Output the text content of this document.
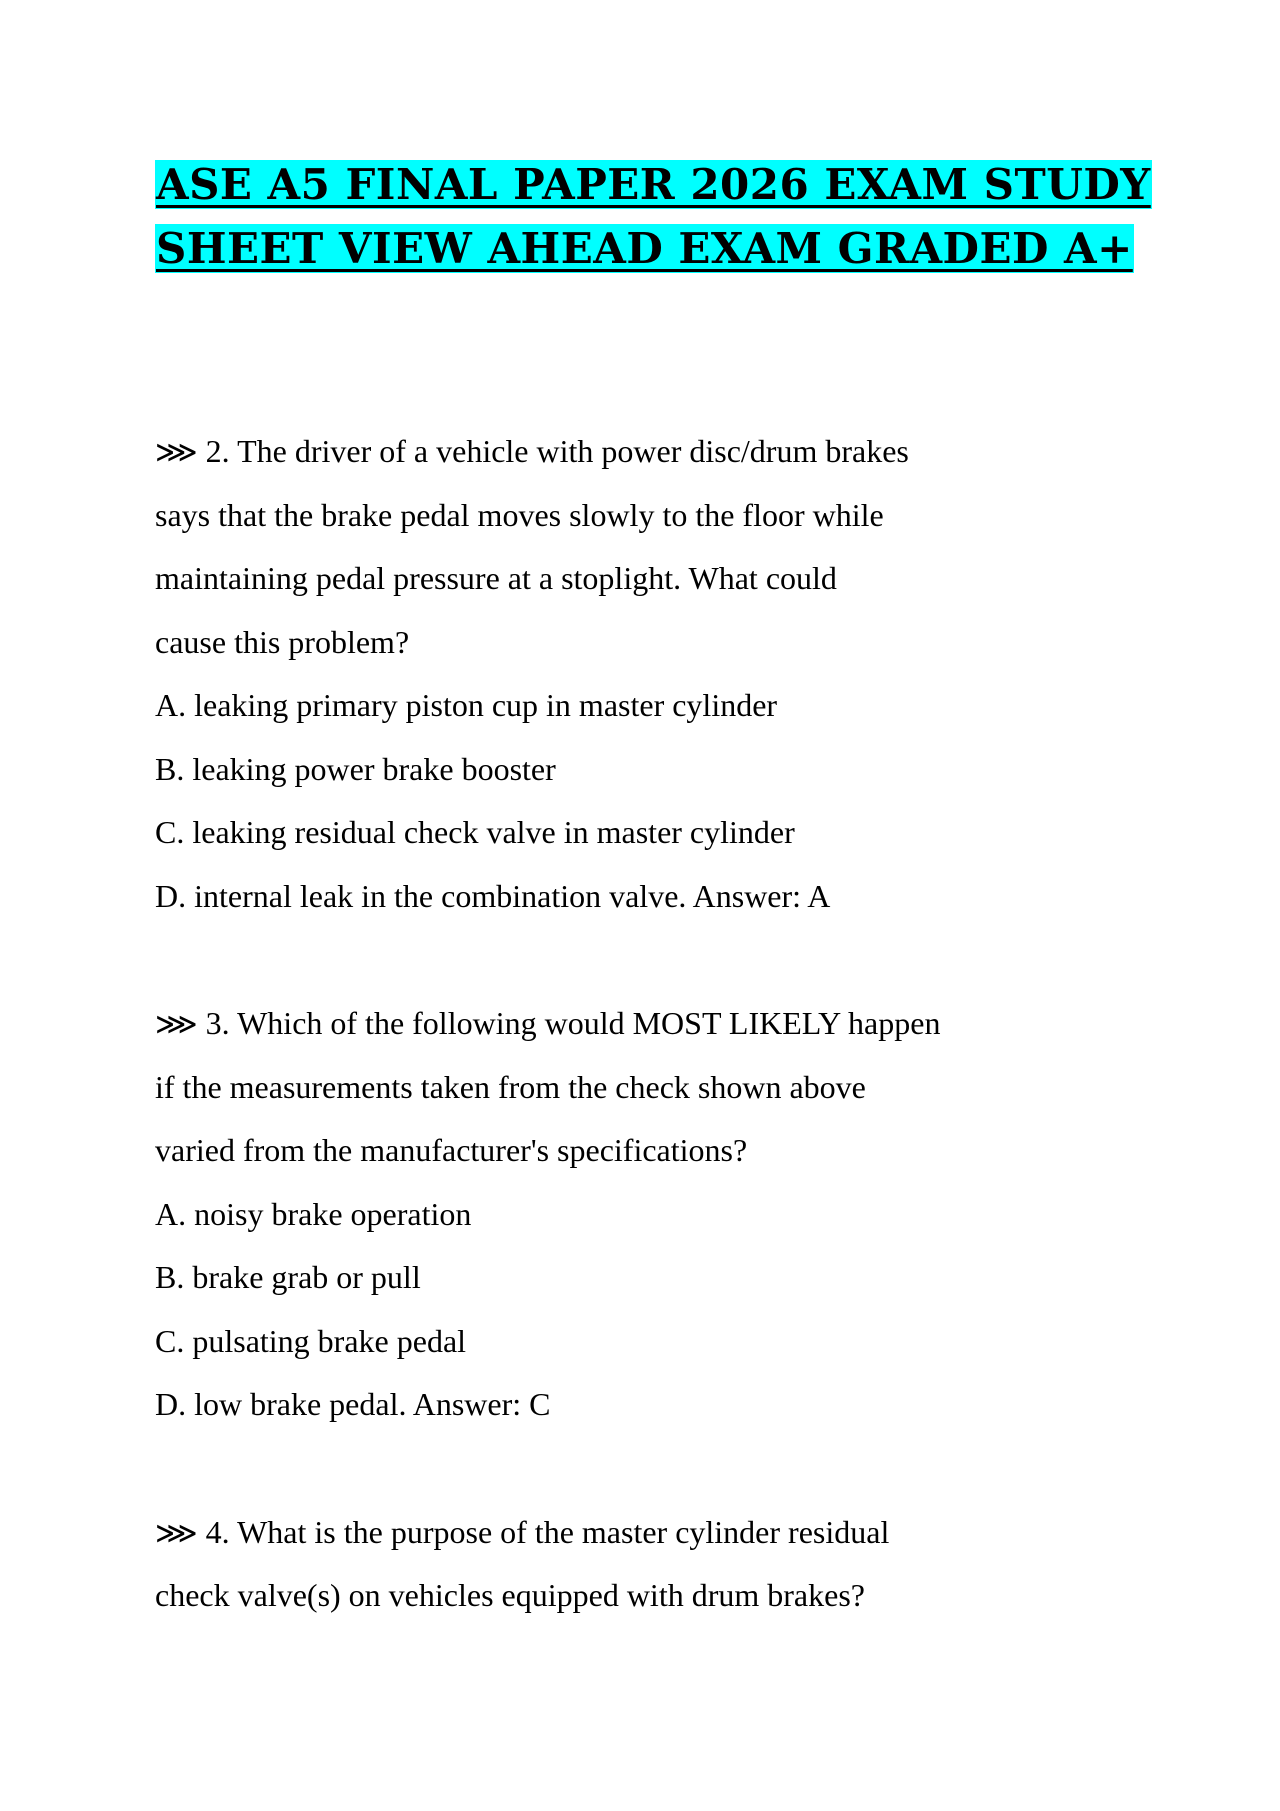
ASE A5 FINAL PAPER 2026 EXAM STUDY
SHEET VIEW AHEAD EXAM GRADED A+
⋙ 2. The driver of a vehicle with power disc/drum brakes
says that the brake pedal moves slowly to the floor while
maintaining pedal pressure at a stoplight. What could
cause this problem?
A. leaking primary piston cup in master cylinder
B. leaking power brake booster
C. leaking residual check valve in master cylinder
D. internal leak in the combination valve. Answer: A
⋙ 3. Which of the following would MOST LIKELY happen
if the measurements taken from the check shown above
varied from the manufacturer's specifications?
A. noisy brake operation
B. brake grab or pull
C. pulsating brake pedal
D. low brake pedal. Answer: C
⋙ 4. What is the purpose of the master cylinder residual
check valve(s) on vehicles equipped with drum brakes?
